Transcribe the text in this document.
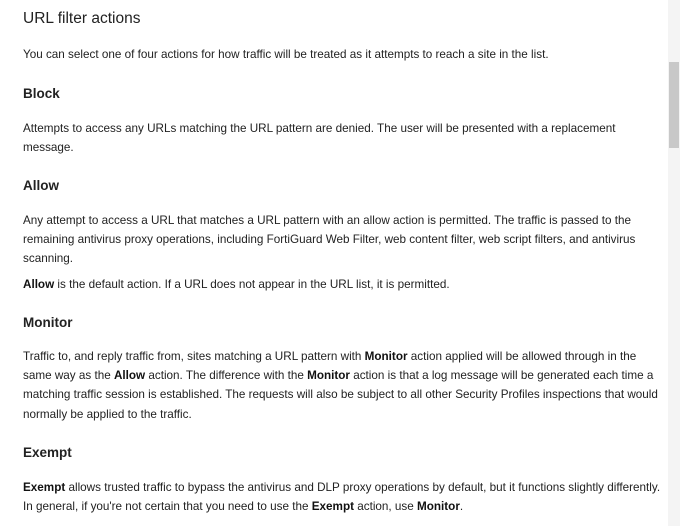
URL filter actions

You can select one of four actions for how traffic will be treated as it attempts to reach a site in the list.

Block

Attempts to access any URLs matching the URL pattern are denied. The user will be presented with a replacement message.

Allow

Any attempt to access a URL that matches a URL pattern with an allow action is permitted. The traffic is passed to the remaining antivirus proxy operations, including FortiGuard Web Filter, web content filter, web script filters, and antivirus scanning.

Allow is the default action. If a URL does not appear in the URL list, it is permitted.

Monitor

Traffic to, and reply traffic from, sites matching a URL pattern with Monitor action applied will be allowed through in the same way as the Allow action. The difference with the Monitor action is that a log message will be generated each time a matching traffic session is established. The requests will also be subject to all other Security Profiles inspections that would normally be applied to the traffic.

Exempt

Exempt allows trusted traffic to bypass the antivirus and DLP proxy operations by default, but it functions slightly differently. In general, if you're not certain that you need to use the Exempt action, use Monitor.
